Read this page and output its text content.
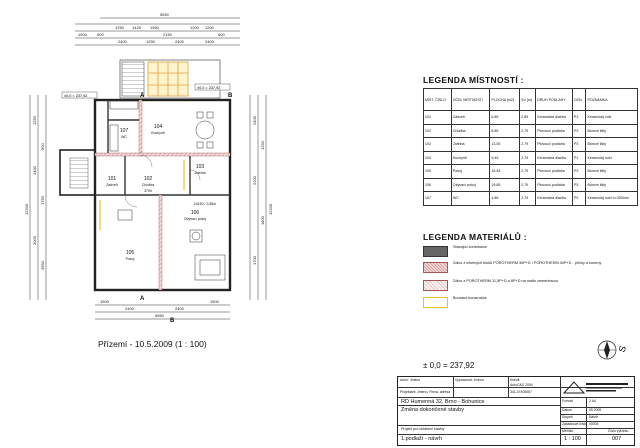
5550
1500	900
1250 1425 1550
2400	1250
2150
2400
1200 1200
600
2400
104
Kuchyně
103
Jídelna
102
Chodba
3700
101
Zádveří
105
Pokoj
106
Obývací pokoj
107
WC
24160 / 2,85m
1250
900
1400
1750
3000
12200
3550
2400
1250
2200
1800
1700
12200
1500
2400	2400
1500
5550
A
A
B
B
±0,0 = 237,92
±0,0 = 237,92
Přízemí - 10.5.2009 (1 : 100)
LEGENDA MÍSTNOSTÍ :
MÍST. ČÍSLO	ÚČEL MÍSTNOSTI	PLOCHA [m2]	SV [m]	DRUH PODLAHY	OZN.	POZNÁMKA
101	Zádveří	6,85	2,85	Keramická dlažba	P1	Keramický rošt
102	Chodba	8,85	2,79	Plovoucí podlaha	P3	Borové lišty
103	Jídelna	13,05	2,79	Plovoucí podlaha	P3	Borové lišty
104	Kuchyně	9,45	2,79	Keramická dlažba	P1	Keramický sokl
105	Pokoj	16,45	2,79	Plovoucí podlaha	P3	Borové lišty
106	Obývací pokoj	19,85	2,79	Plovoucí podlaha	P3	Borové lišty
107	WC	4,85	2,79	Keramická dlažba	P2	Keramický sokl h=300mm
LEGENDA MATERIÁLŮ :
Stávající konstrukce
Zdivo z cihelných bloků POROTHERM 30P+D / POROTHERM 40P+D - příčky a komíny
Zdivo z POROTHERM 11,5P+D a 8P+D na maltu cementovou
Bourané konstrukce
± 0,0 = 237,92
S
Autor: Jméno	Vypracoval: Jméno	Kreslil:
AutoCAD 2004
341-07405067
Projektant: Jméno, Firma, adresa
RD Humenná 32, Brno - Bohunice
Změna dokončené stavby
Projekt pro ohlášení stavby
1.podlaží - návrh
Formát	2 A4
Datum	05.2009
Stupeň	Návrh
Zakázkové číslo 00004
Měřítko	Číslo výkresu
1 : 100	007
